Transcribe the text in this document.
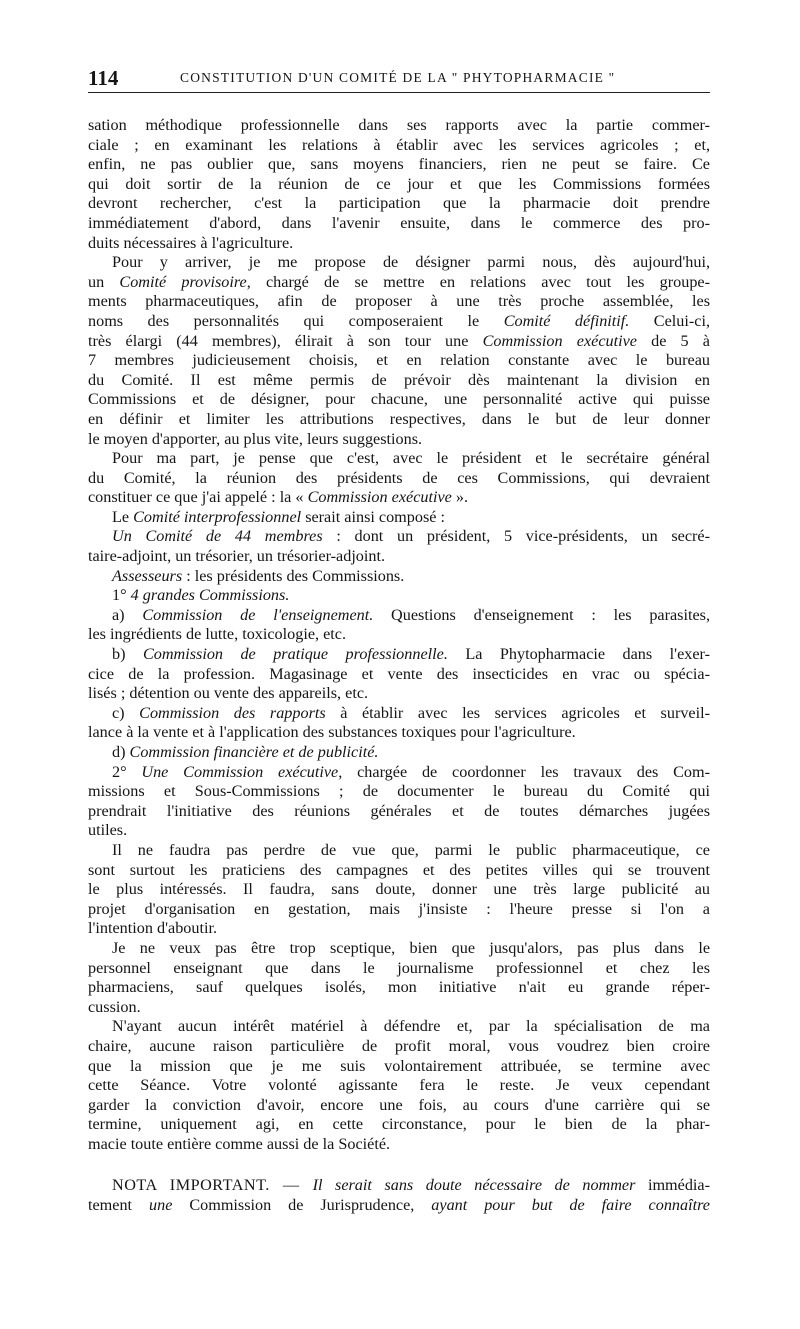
114	CONSTITUTION D'UN COMITÉ DE LA " PHYTOPHARMACIE "

sation méthodique professionnelle dans ses rapports avec la partie commer-
ciale ; en examinant les relations à établir avec les services agricoles ; et,
enfin, ne pas oublier que, sans moyens financiers, rien ne peut se faire. Ce
qui doit sortir de la réunion de ce jour et que les Commissions formées
devront rechercher, c'est la participation que la pharmacie doit prendre
immédiatement d'abord, dans l'avenir ensuite, dans le commerce des pro-
duits nécessaires à l'agriculture.

Pour y arriver, je me propose de désigner parmi nous, dès aujourd'hui,
un Comité provisoire, chargé de se mettre en relations avec tout les groupe-
ments pharmaceutiques, afin de proposer à une très proche assemblée, les
noms des personnalités qui composeraient le Comité définitif. Celui-ci,
très élargi (44 membres), élirait à son tour une Commission exécutive de 5 à
7 membres judicieusement choisis, et en relation constante avec le bureau
du Comité. Il est même permis de prévoir dès maintenant la division en
Commissions et de désigner, pour chacune, une personnalité active qui puisse
en définir et limiter les attributions respectives, dans le but de leur donner
le moyen d'apporter, au plus vite, leurs suggestions.

Pour ma part, je pense que c'est, avec le président et le secrétaire général
du Comité, la réunion des présidents de ces Commissions, qui devraient
constituer ce que j'ai appelé : la « Commission exécutive ».

Le Comité interprofessionnel serait ainsi composé :

Un Comité de 44 membres : dont un président, 5 vice-présidents, un secré-
taire-adjoint, un trésorier, un trésorier-adjoint.

Assesseurs : les présidents des Commissions.

1° 4 grandes Commissions.

a) Commission de l'enseignement. Questions d'enseignement : les parasites,
les ingrédients de lutte, toxicologie, etc.

b) Commission de pratique professionnelle. La Phytopharmacie dans l'exer-
cice de la profession. Magasinage et vente des insecticides en vrac ou spécia-
lisés ; détention ou vente des appareils, etc.

c) Commission des rapports à établir avec les services agricoles et surveil-
lance à la vente et à l'application des substances toxiques pour l'agriculture.

d) Commission financière et de publicité.

2° Une Commission exécutive, chargée de coordonner les travaux des Com-
missions et Sous-Commissions ; de documenter le bureau du Comité qui
prendrait l'initiative des réunions générales et de toutes démarches jugées
utiles.

Il ne faudra pas perdre de vue que, parmi le public pharmaceutique, ce
sont surtout les praticiens des campagnes et des petites villes qui se trouvent
le plus intéressés. Il faudra, sans doute, donner une très large publicité au
projet d'organisation en gestation, mais j'insiste : l'heure presse si l'on a
l'intention d'aboutir.

Je ne veux pas être trop sceptique, bien que jusqu'alors, pas plus dans le
personnel enseignant que dans le journalisme professionnel et chez les
pharmaciens, sauf quelques isolés, mon initiative n'ait eu grande réper-
cussion.

N'ayant aucun intérêt matériel à défendre et, par la spécialisation de ma
chaire, aucune raison particulière de profit moral, vous voudrez bien croire
que la mission que je me suis volontairement attribuée, se termine avec
cette Séance. Votre volonté agissante fera le reste. Je veux cependant
garder la conviction d'avoir, encore une fois, au cours d'une carrière qui se
termine, uniquement agi, en cette circonstance, pour le bien de la phar-
macie toute entière comme aussi de la Société.

NOTA IMPORTANT. — Il serait sans doute nécessaire de nommer immédia-
tement une Commission de Jurisprudence, ayant pour but de faire connaître
